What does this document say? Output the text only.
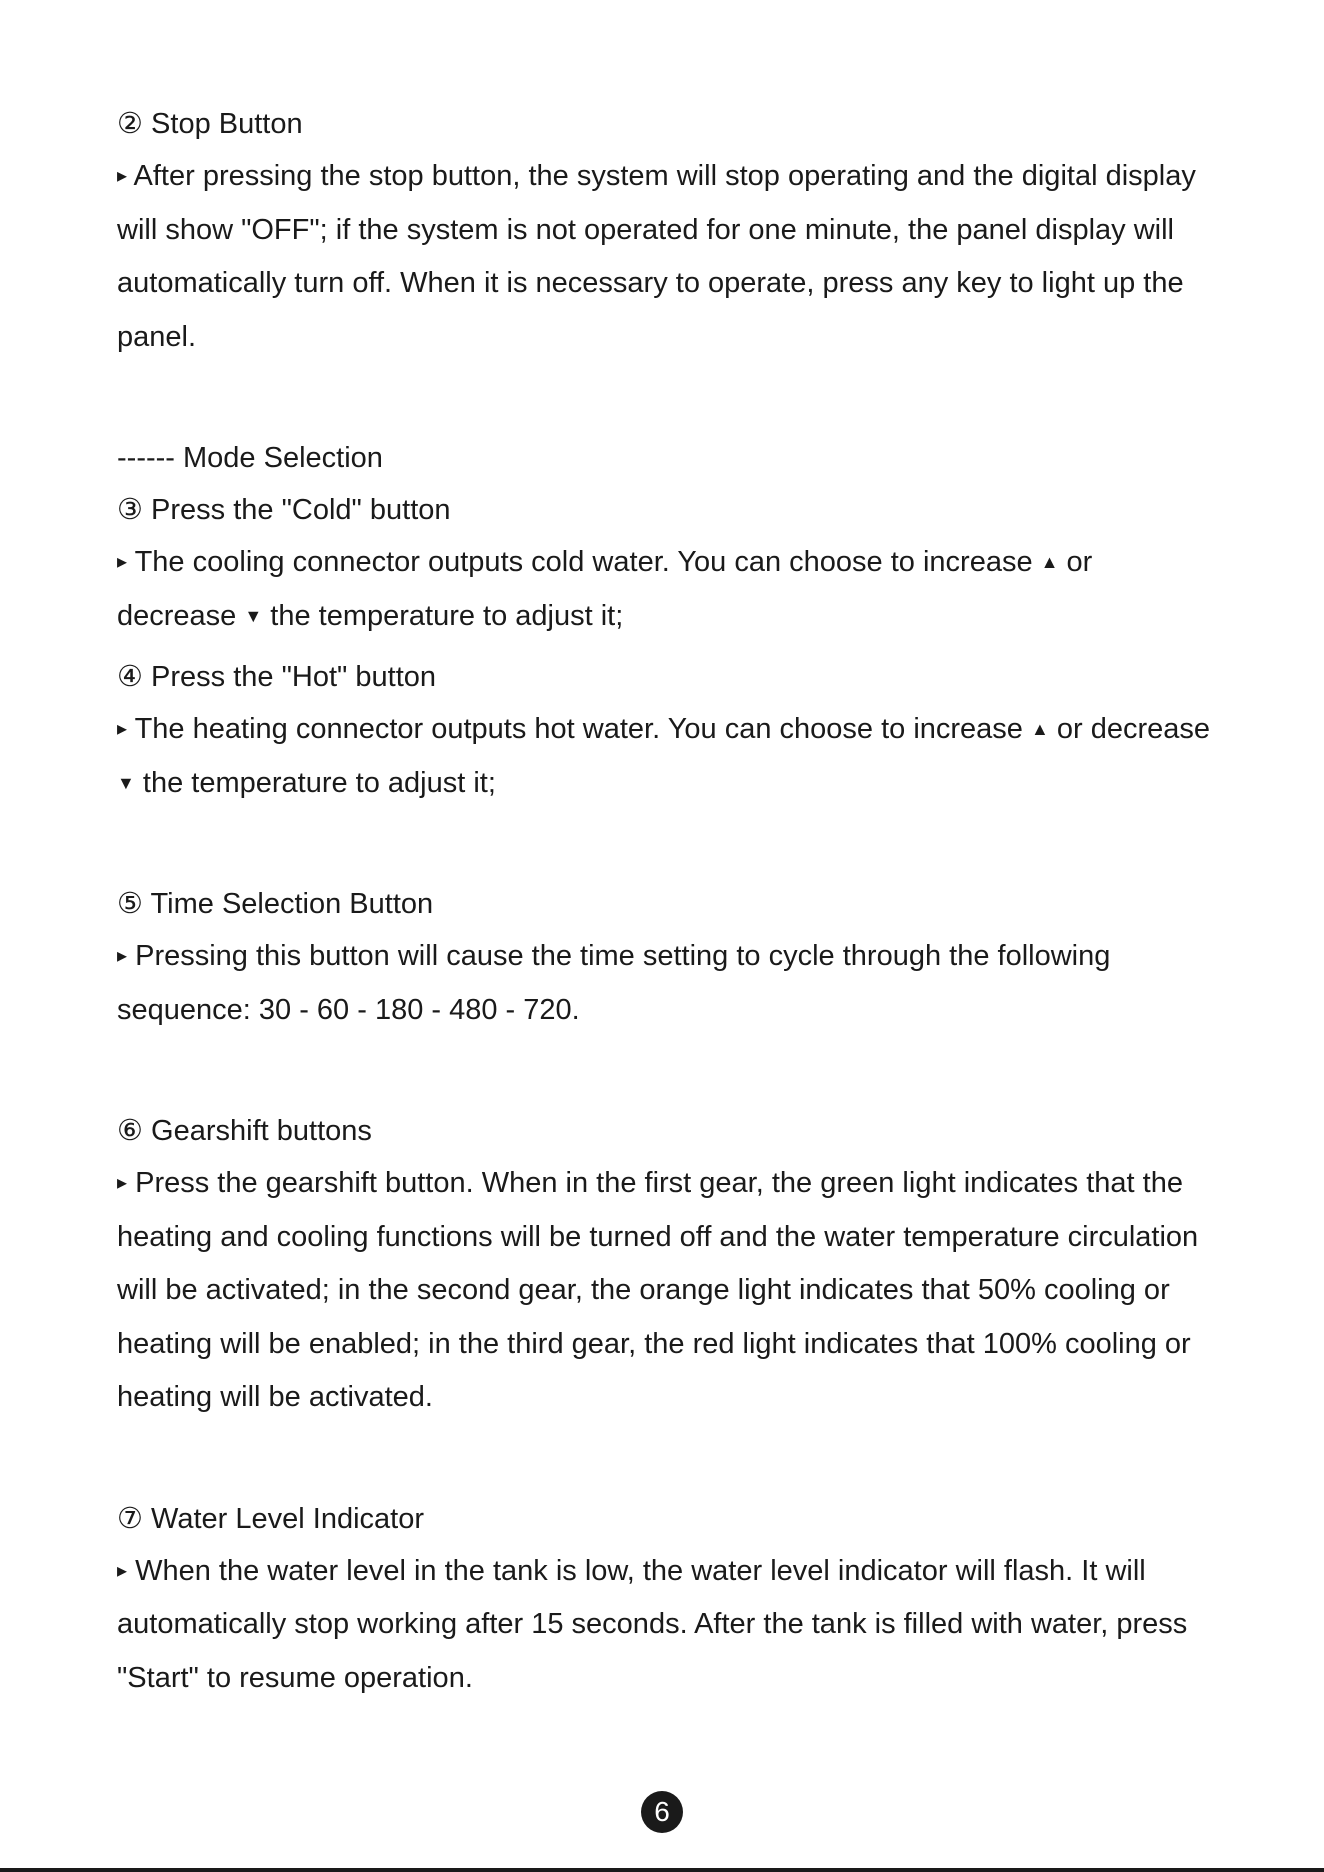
② Stop Button

▸ After pressing the stop button, the system will stop operating and the digital display will show "OFF"; if the system is not operated for one minute, the panel display will automatically turn off. When it is necessary to operate, press any key to light up the panel.

------ Mode Selection

③ Press the "Cold" button

▸ The cooling connector outputs cold water. You can choose to increase ▲ or decrease ▼ the temperature to adjust it;

④ Press the "Hot" button

▸ The heating connector outputs hot water. You can choose to increase ▲ or decrease ▼ the temperature to adjust it;

⑤ Time Selection Button

▸ Pressing this button will cause the time setting to cycle through the following sequence: 30 - 60 - 180 - 480 - 720.

⑥ Gearshift buttons

▸ Press the gearshift button. When in the first gear, the green light indicates that the heating and cooling functions will be turned off and the water temperature circulation will be activated; in the second gear, the orange light indicates that 50% cooling or heating will be enabled; in the third gear, the red light indicates that 100% cooling or heating will be activated.

⑦ Water Level Indicator

▸ When the water level in the tank is low, the water level indicator will flash. It will automatically stop working after 15 seconds. After the tank is filled with water, press "Start" to resume operation.

6
